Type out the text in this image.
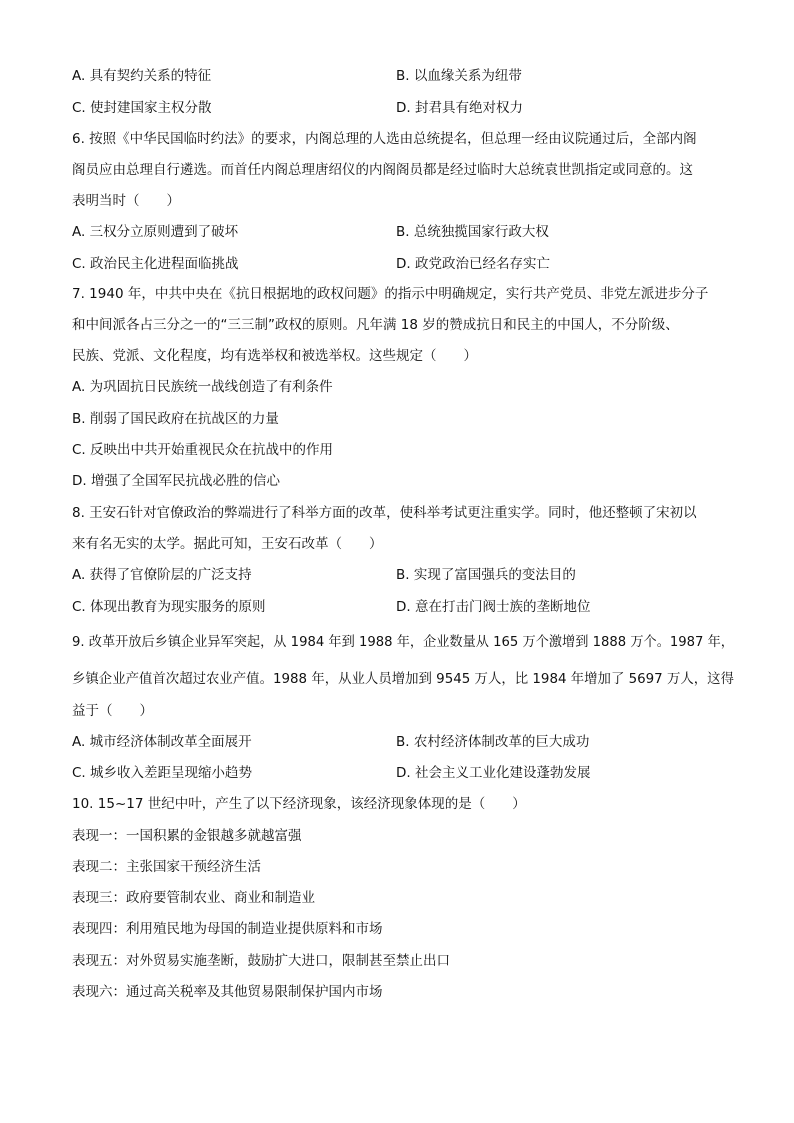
A. 具有契约关系的特征	B. 以血缘关系为纽带
C. 使封建国家主权分散	D. 封君具有绝对权力
6. 按照《中华民国临时约法》的要求，内阁总理的人选由总统提名，但总理一经由议院通过后，全部内阁
阁员应由总理自行遴选。而首任内阁总理唐绍仪的内阁阁员都是经过临时大总统袁世凯指定或同意的。这
表明当时（　　）
A. 三权分立原则遭到了破坏	B. 总统独揽国家行政大权
C. 政治民主化进程面临挑战	D. 政党政治已经名存实亡
7. 1940 年，中共中央在《抗日根据地的政权问题》的指示中明确规定，实行共产党员、非党左派进步分子
和中间派各占三分之一的“三三制”政权的原则。凡年满 18 岁的赞成抗日和民主的中国人，不分阶级、
民族、党派、文化程度，均有选举权和被选举权。这些规定（　　）
A. 为巩固抗日民族统一战线创造了有利条件
B. 削弱了国民政府在抗战区的力量
C. 反映出中共开始重视民众在抗战中的作用
D. 增强了全国军民抗战必胜的信心
8. 王安石针对官僚政治的弊端进行了科举方面的改革，使科举考试更注重实学。同时，他还整顿了宋初以
来有名无实的太学。据此可知，王安石改革（　　）
A. 获得了官僚阶层的广泛支持	B. 实现了富国强兵的变法目的
C. 体现出教育为现实服务的原则	D. 意在打击门阀士族的垄断地位
9. 改革开放后乡镇企业异军突起，从 1984 年到 1988 年，企业数量从 165 万个激增到 1888 万个。1987 年，
乡镇企业产值首次超过农业产值。1988 年，从业人员增加到 9545 万人，比 1984 年增加了 5697 万人，这得
益于（　　）
A. 城市经济体制改革全面展开	B. 农村经济体制改革的巨大成功
C. 城乡收入差距呈现缩小趋势	D. 社会主义工业化建设蓬勃发展
10. 15~17 世纪中叶，产生了以下经济现象，该经济现象体现的是（　　）
表现一：一国积累的金银越多就越富强
表现二：主张国家干预经济生活
表现三：政府要管制农业、商业和制造业
表现四：利用殖民地为母国的制造业提供原料和市场
表现五：对外贸易实施垄断，鼓励扩大进口，限制甚至禁止出口
表现六：通过高关税率及其他贸易限制保护国内市场
